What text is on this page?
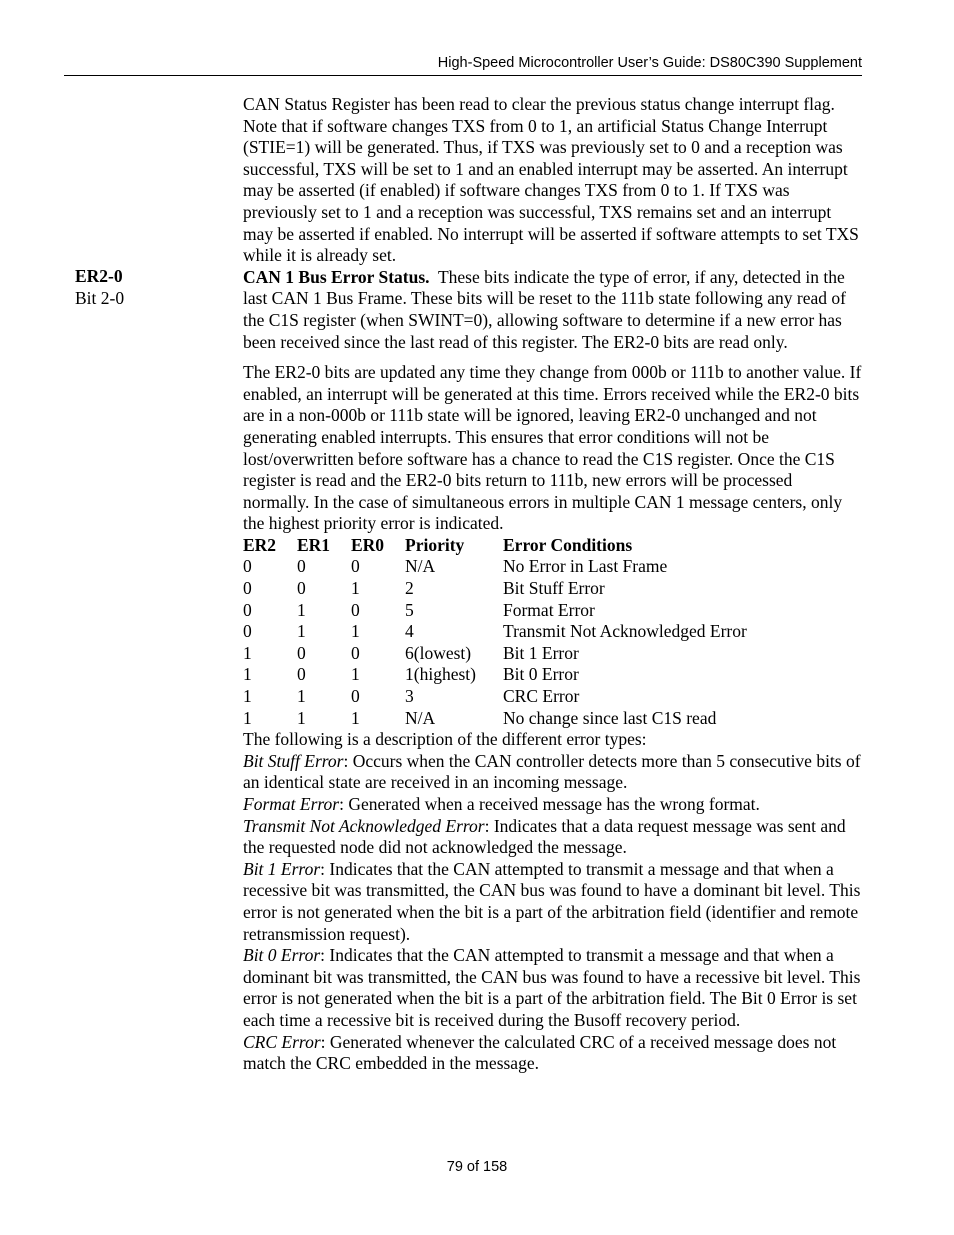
High-Speed Microcontroller User’s Guide: DS80C390 Supplement
ER2-0
Bit 2-0

CAN Status Register has been read to clear the previous status change interrupt flag. Note that if software changes TXS from 0 to 1, an artificial Status Change Interrupt (STIE=1) will be generated. Thus, if TXS was previously set to 0 and a reception was successful, TXS will be set to 1 and an enabled interrupt may be asserted. An interrupt may be asserted (if enabled) if software changes TXS from 0 to 1. If TXS was previously set to 1 and a reception was successful, TXS remains set and an interrupt may be asserted if enabled. No interrupt will be asserted if software attempts to set TXS while it is already set.

CAN 1 Bus Error Status. These bits indicate the type of error, if any, detected in the last CAN 1 Bus Frame. These bits will be reset to the 111b state following any read of the C1S register (when SWINT=0), allowing software to determine if a new error has been received since the last read of this register. The ER2-0 bits are read only.

The ER2-0 bits are updated any time they change from 000b or 111b to another value. If enabled, an interrupt will be generated at this time. Errors received while the ER2-0 bits are in a non-000b or 111b state will be ignored, leaving ER2-0 unchanged and not generating enabled interrupts. This ensures that error conditions will not be lost/overwritten before software has a chance to read the C1S register. Once the C1S register is read and the ER2-0 bits return to 111b, new errors will be processed normally. In the case of simultaneous errors in multiple CAN 1 message centers, only the highest priority error is indicated.

ER2	ER1	ER0	Priority	Error Conditions
0	0	0	N/A	No Error in Last Frame
0	0	1	2	Bit Stuff Error
0	1	0	5	Format Error
0	1	1	4	Transmit Not Acknowledged Error
1	0	0	6(lowest)	Bit 1 Error
1	0	1	1(highest)	Bit 0 Error
1	1	0	3	CRC Error
1	1	1	N/A	No change since last C1S read

The following is a description of the different error types:

Bit Stuff Error: Occurs when the CAN controller detects more than 5 consecutive bits of an identical state are received in an incoming message.

Format Error: Generated when a received message has the wrong format.

Transmit Not Acknowledged Error: Indicates that a data request message was sent and the requested node did not acknowledged the message.

Bit 1 Error: Indicates that the CAN attempted to transmit a message and that when a recessive bit was transmitted, the CAN bus was found to have a dominant bit level. This error is not generated when the bit is a part of the arbitration field (identifier and remote retransmission request).

Bit 0 Error: Indicates that the CAN attempted to transmit a message and that when a dominant bit was transmitted, the CAN bus was found to have a recessive bit level. This error is not generated when the bit is a part of the arbitration field. The Bit 0 Error is set each time a recessive bit is received during the Busoff recovery period.

CRC Error: Generated whenever the calculated CRC of a received message does not match the CRC embedded in the message.

79 of 158
